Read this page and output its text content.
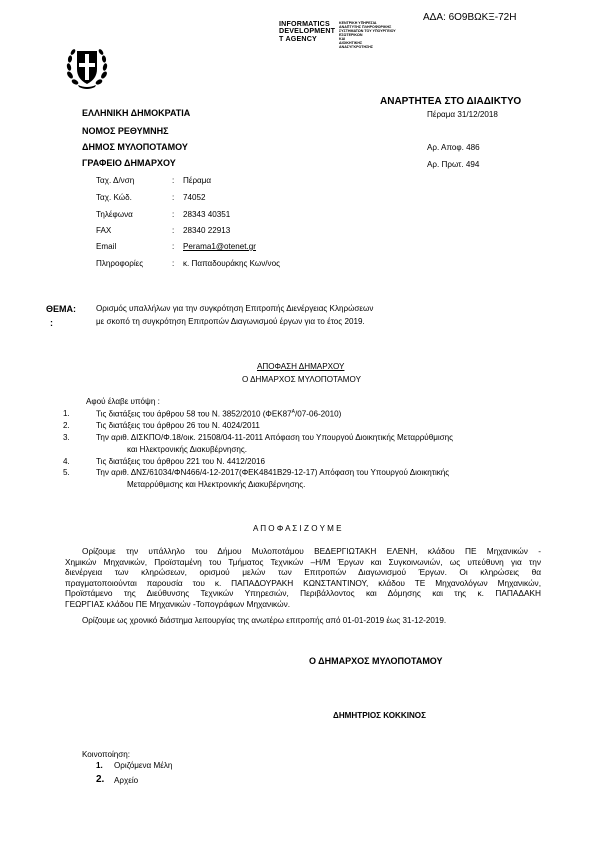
ΑΔΑ: 6Ο9ΒΩΚΞ-72Η
INFORMATICS
DEVELOPMENT
T AGENCY
ΚΕΝΤΡΙΚΗ ΥΠΗΡΕΣΙΑ
ΑΝΑΠΤΥΞΗΣ ΠΛΗΡΟΦΟΡΙΚΗΣ
ΣΥΣΤΗΜΑΤΩΝ ΤΟΥ ΥΠΟΥΡΓΕΙΟΥ
ΕΣΩΤΕΡΙΚΩΝ
ΚΑΙ
ΔΙΟΙΚΗΤΙΚΗΣ
ΑΝΑΣΥΓΚΡΟΤΗΣΗΣ
ΑΝΑΡΤΗΤΕΑ ΣΤΟ ΔΙΑΔΙΚΤΥΟ
ΕΛΛΗΝΙΚΗ ΔΗΜΟΚΡΑΤΙΑ
ΝΟΜΟΣ ΡΕΘΥΜΝΗΣ
ΔΗΜΟΣ ΜΥΛΟΠΟΤΑΜΟΥ
ΓΡΑΦΕΙΟ ΔΗΜΑΡΧΟΥ
Πέραμα 31/12/2018
Αρ. Αποφ. 486
Αρ. Πρωτ. 494
Ταχ. Δ/νση	: Πέραμα
Ταχ. Κώδ.	: 74052
Τηλέφωνα	: 28343 40351
FAX	: 28340 22913
Email	: Perama1@otenet.gr
Πληροφορίες	: κ. Παπαδουράκης Κων/νος
ΘΕΜΑ:
:
Ορισμός υπαλλήλων για την συγκρότηση Επιτροπής Διενέργειας Κληρώσεων
με σκοπό τη συγκρότηση Επιτροπών Διαγωνισμού έργων για το έτος 2019.
ΑΠΟΦΑΣΗ ΔΗΜΑΡΧΟΥ
Ο ΔΗΜΑΡΧΟΣ ΜΥΛΟΠΟΤΑΜΟΥ
Αφού έλαβε υπόψη :
1.	Τις διατάξεις του άρθρου 58 του Ν. 3852/2010 $(\Phi EK87^A/07-06-2010)$
2.	Τις διατάξεις του άρθρου 26 του Ν. 4024/2011
3.	Την αριθ. ΔΙΣΚΠΟ/Φ.18/οικ. 21508/04-11-2011 Απόφαση του Υπουργού Διοικητικής Μεταρρύθμισης
και Ηλεκτρονικής Διακυβέρνησης.
4.	Τις διατάξεις του άρθρου 221 του Ν. 4412/2016
5.	Την αριθ. ΔΝΣ/61034/ΦΝ466/4-12-2017(ΦΕΚ4841Β29-12-17) Απόφαση του Υπουργού Διοικητικής
Μεταρρύθμισης και Ηλεκτρονικής Διακυβέρνησης.
Α Π Ο Φ Α Σ Ι Ζ Ο Υ Μ Ε
Ορίζουμε την υπάλληλο του Δήμου Μυλοποτάμου ΒΕΔΕΡΓΙΩΤΑΚΗ ΕΛΕΝΗ, κλάδου ΠΕ Μηχανικών -
Χημικών Μηχανικών, Προϊσταμένη του Τμήματος Τεχνικών –Η/Μ Έργων και Συγκοινωνιών, ως υπεύθυνη για την
διενέργεια των κληρώσεων, ορισμού μελών των Επιτροπών Διαγωνισμού Έργων. Οι κληρώσεις θα
πραγματοποιούνται παρουσία του κ. ΠΑΠΑΔΟΥΡΑΚΗ ΚΩΝΣΤΑΝΤΙΝΟΥ, κλάδου ΤΕ Μηχανολόγων Μηχανικών,
Προϊστάμενο της Διεύθυνσης Τεχνικών Υπηρεσιών, Περιβάλλοντος και Δόμησης και της κ. ΠΑΠΑΔΑΚΗ
ΓΕΩΡΓΙΑΣ κλάδου ΠΕ Μηχανικών -Τοπογράφων Μηχανικών.
Ορίζουμε ως χρονικό διάστημα λειτουργίας της ανωτέρω επιτροπής από 01-01-2019 έως 31-12-2019.
Ο ΔΗΜΑΡΧΟΣ ΜΥΛΟΠΟΤΑΜΟΥ
ΔΗΜΗΤΡΙΟΣ ΚΟΚΚΙΝΟΣ
Κοινοποίηση:
1. Οριζόμενα Μέλη
2. Αρχείο
